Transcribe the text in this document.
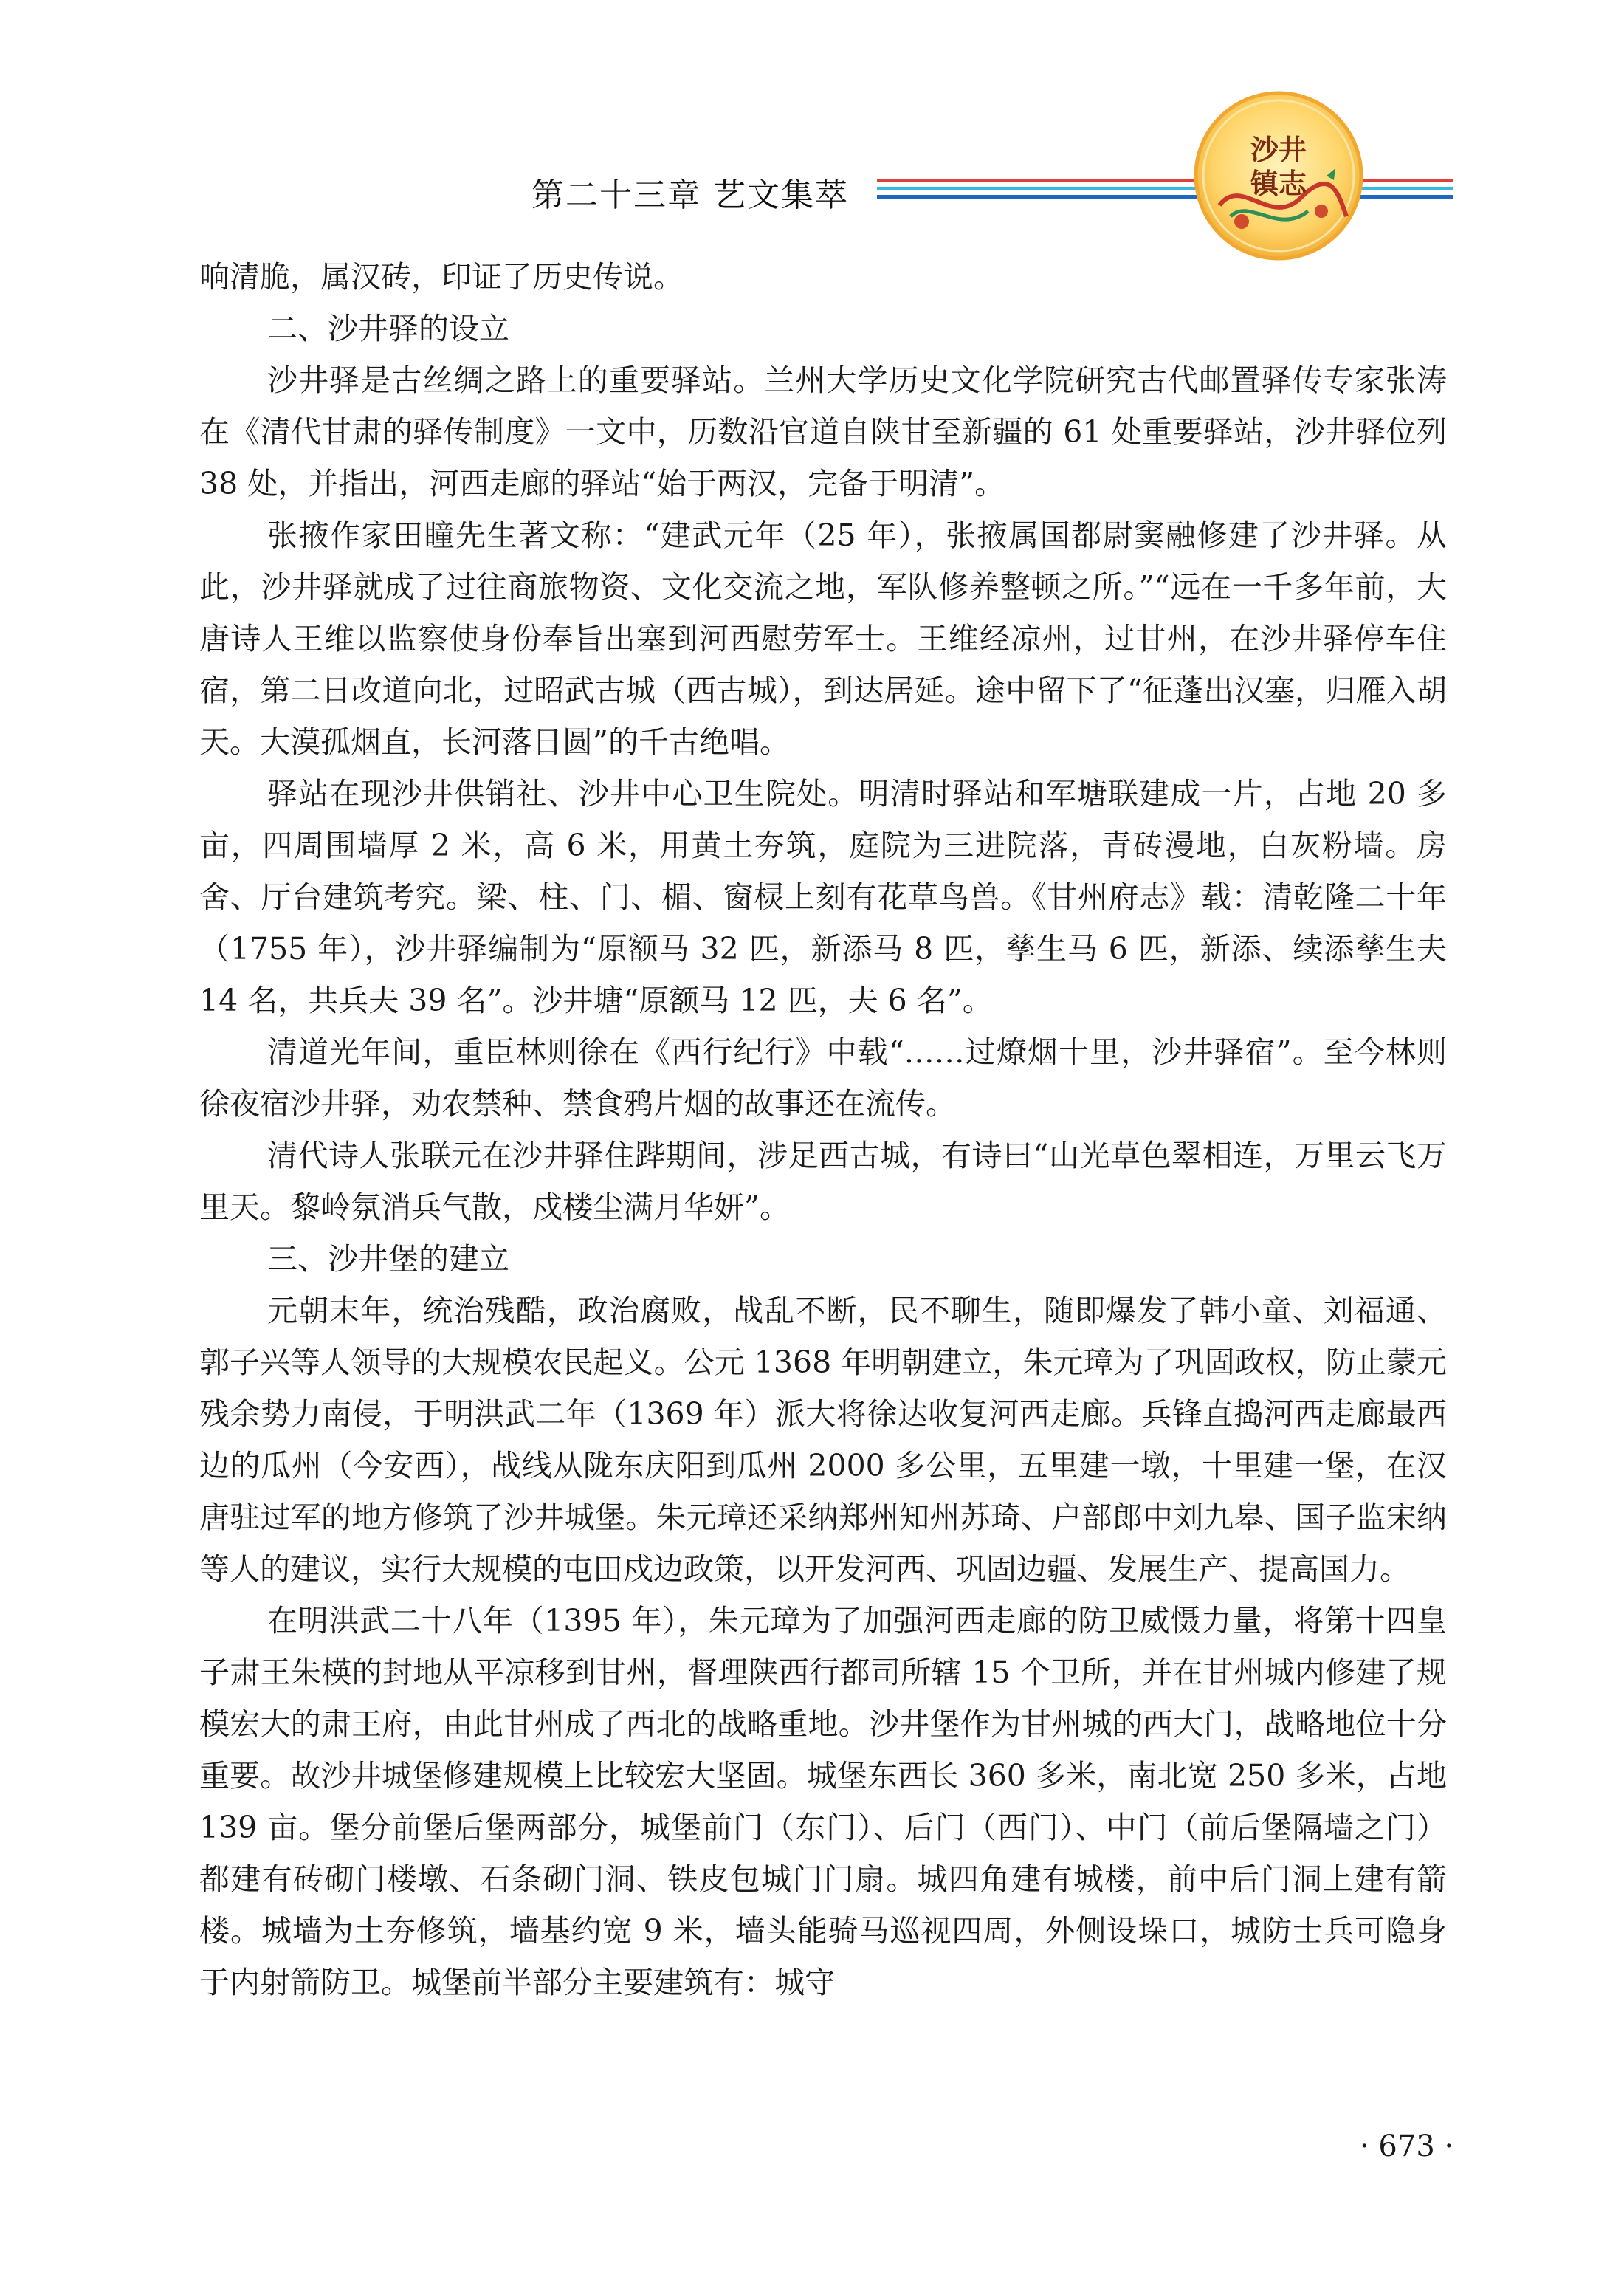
第二十三章 艺文集萃
沙井
镇志

响清脆，属汉砖，印证了历史传说。

二、沙井驿的设立

沙井驿是古丝绸之路上的重要驿站。兰州大学历史文化学院研究古代邮置驿传专家张涛在《清代甘肃的驿传制度》一文中，历数沿官道自陕甘至新疆的 61 处重要驿站，沙井驿位列 38 处，并指出，河西走廊的驿站“始于两汉，完备于明清”。

张掖作家田瞳先生著文称：“建武元年（25 年），张掖属国都尉窦融修建了沙井驿。从此，沙井驿就成了过往商旅物资、文化交流之地，军队修养整顿之所。”“远在一千多年前，大唐诗人王维以监察使身份奉旨出塞到河西慰劳军士。王维经凉州，过甘州，在沙井驿停车住宿，第二日改道向北，过昭武古城（西古城），到达居延。途中留下了“征蓬出汉塞，归雁入胡天。大漠孤烟直，长河落日圆”的千古绝唱。

驿站在现沙井供销社、沙井中心卫生院处。明清时驿站和军塘联建成一片，占地 20 多亩，四周围墙厚 2 米，高 6 米，用黄土夯筑，庭院为三进院落，青砖漫地，白灰粉墙。房舍、厅台建筑考究。梁、柱、门、楣、窗棂上刻有花草鸟兽。《甘州府志》载：清乾隆二十年（1755 年），沙井驿编制为“原额马 32 匹，新添马 8 匹，孳生马 6 匹，新添、续添孳生夫 14 名，共兵夫 39 名”。沙井塘“原额马 12 匹，夫 6 名”。

清道光年间，重臣林则徐在《西行纪行》中载“……过燎烟十里，沙井驿宿”。至今林则徐夜宿沙井驿，劝农禁种、禁食鸦片烟的故事还在流传。

清代诗人张联元在沙井驿住跸期间，涉足西古城，有诗曰“山光草色翠相连，万里云飞万里天。黎岭氛消兵气散，戍楼尘满月华妍”。

三、沙井堡的建立

元朝末年，统治残酷，政治腐败，战乱不断，民不聊生，随即爆发了韩小童、刘福通、郭子兴等人领导的大规模农民起义。公元 1368 年明朝建立，朱元璋为了巩固政权，防止蒙元残余势力南侵，于明洪武二年（1369 年）派大将徐达收复河西走廊。兵锋直捣河西走廊最西边的瓜州（今安西），战线从陇东庆阳到瓜州 2000 多公里，五里建一墩，十里建一堡，在汉唐驻过军的地方修筑了沙井城堡。朱元璋还采纳郑州知州苏琦、户部郎中刘九皋、国子监宋纳等人的建议，实行大规模的屯田戍边政策，以开发河西、巩固边疆、发展生产、提高国力。

在明洪武二十八年（1395 年），朱元璋为了加强河西走廊的防卫威慑力量，将第十四皇子肃王朱楧的封地从平凉移到甘州，督理陕西行都司所辖 15 个卫所，并在甘州城内修建了规模宏大的肃王府，由此甘州成了西北的战略重地。沙井堡作为甘州城的西大门，战略地位十分重要。故沙井城堡修建规模上比较宏大坚固。城堡东西长 360 多米，南北宽 250 多米，占地 139 亩。堡分前堡后堡两部分，城堡前门（东门）、后门（西门）、中门（前后堡隔墙之门）都建有砖砌门楼墩、石条砌门洞、铁皮包城门门扇。城四角建有城楼，前中后门洞上建有箭楼。城墙为土夯修筑，墙基约宽 9 米，墙头能骑马巡视四周，外侧设垛口，城防士兵可隐身于内射箭防卫。城堡前半部分主要建筑有：城守

· 673 ·
